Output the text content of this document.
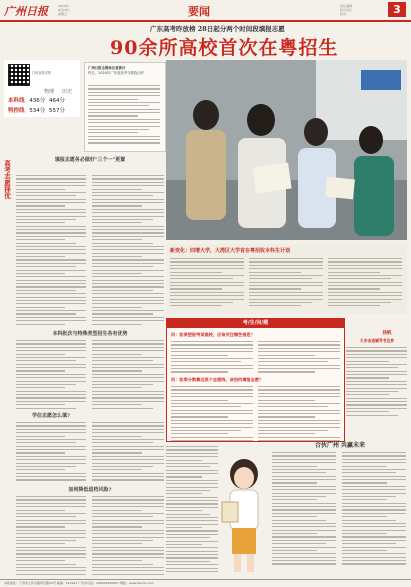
广州日报	2024年
6月28日
星期五	要闻	责任编辑
版式设计
校对	3
广东高考昨放榜 28日起分两个时间段填报志愿
90余所高校首次在粤招生
扫码查看详情
物理 历史
本科线 436分 464分
特控线 534分 557分
高考志愿择优
广州日报全媒体记者黄丹
昨日，2024年广东省高考分数线出炉
填报志愿务必做好"三个一"更置
本科批次与特殊类型招生各有优势
学位志愿怎么填?
如何降低退档风险?
新变化：四增大学，大湾区大学首在粤招收本科生计划
扬帆
大步击退辅导书边界
考/生/问/题
问：如果想报考某高校，应该关注哪些信息？
问：如果分数靠近某个志愿线，该如何填报志愿？
合伙广州 共赢未来
本报地址：广州市人民中路同乐路10号 邮编：510121 广告许可证：440000100007 网址：www.dayoo.com
